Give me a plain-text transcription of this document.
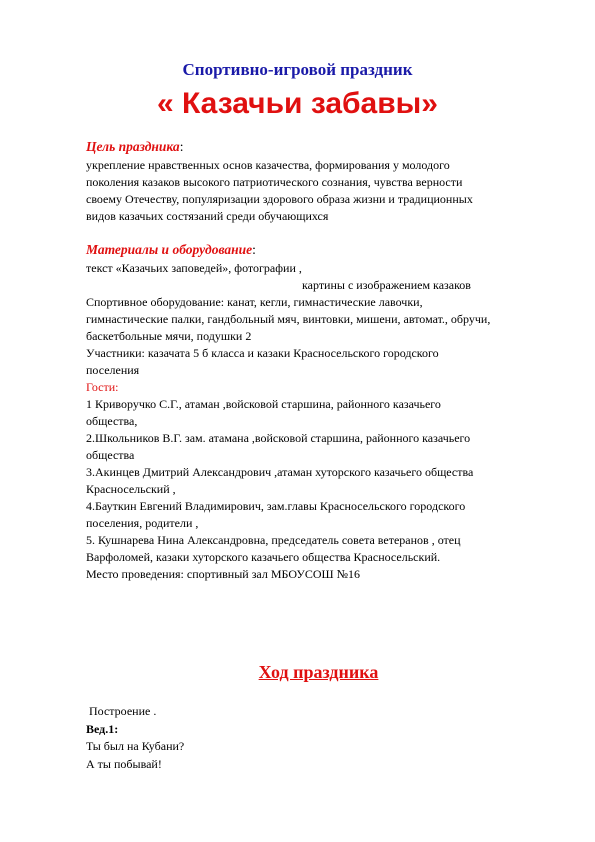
Спортивно-игровой праздник
« Казачьи забавы»
Цель праздника:
укрепление нравственных основ казачества, формирования у молодого
поколения казаков высокого патриотического сознания, чувства верности
своему Отечеству, популяризации здорового образа жизни и традиционных
видов казачьих состязаний среди обучающихся
Материалы и оборудование:
текст «Казачьих заповедей», фотографии ,
картины с изображением казаков
Спортивное оборудование: канат, кегли, гимнастические лавочки,
гимнастические палки, гандбольный мяч, винтовки, мишени, автомат., обручи,
баскетбольные мячи, подушки 2
Участники: казачата 5 б класса и казаки Красносельского городского
поселения
Гости:
1 Криворучко С.Г., атаман ,войсковой старшина, районного казачьего
общества,
2.Школьников В.Г. зам. атамана ,войсковой старшина, районного казачьего
общества
3.Акинцев Дмитрий Александрович ,атаман хуторского казачьего общества
Красносельский ,
4.Бауткин Евгений Владимирович, зам.главы Красносельского городского
поселения, родители ,
5. Кушнарева Нина Александровна, председатель совета ветеранов , отец
Варфоломей, казаки хуторского казачьего общества Красносельский.
Место проведения: спортивный зал МБОУСОШ №16
Ход праздника
Построение .
Вед.1:
Ты был на Кубани?
А ты побывай!
